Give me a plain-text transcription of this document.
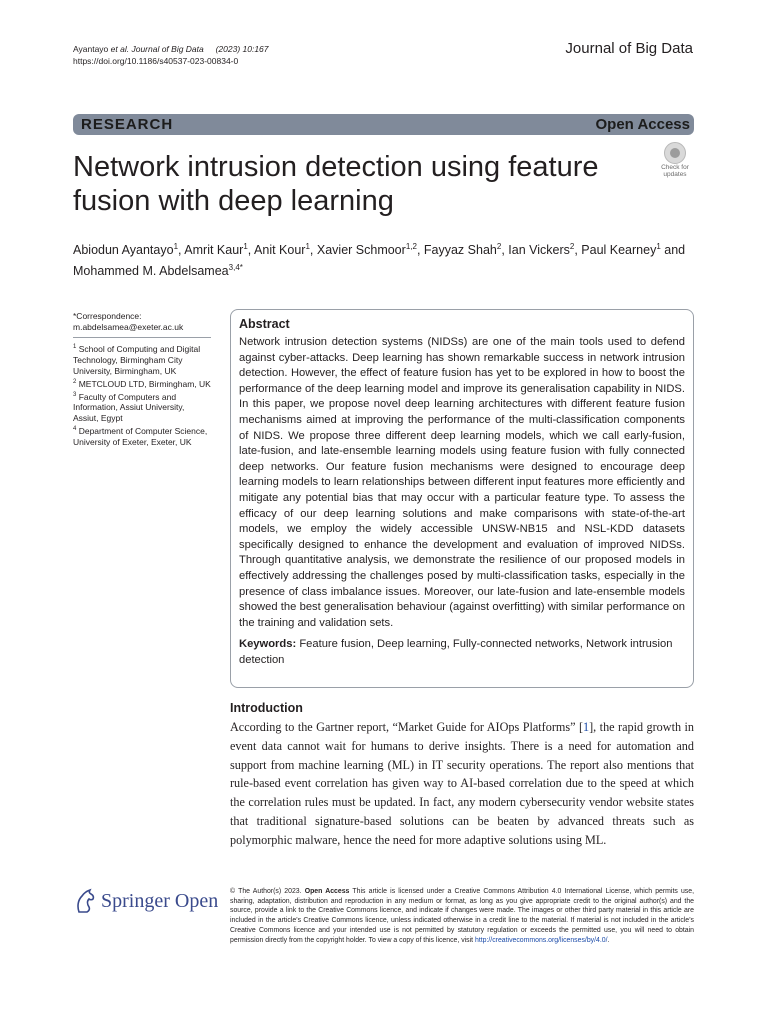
Ayantayo et al. Journal of Big Data (2023) 10:167
https://doi.org/10.1186/s40537-023-00834-0
Journal of Big Data
RESEARCH	Open Access
Network intrusion detection using feature fusion with deep learning
Check for
updates
Abiodun Ayantayo$^1$, Amrit Kaur$^1$, Anit Kour$^1$, Xavier Schmoor$^{1,2}$, Fayyaz Shah$^2$, Ian Vickers$^2$, Paul Kearney$^1$ and Mohammed M. Abdelsamea$^{3,4*}$
*Correspondence:
m.abdelsamea@exeter.ac.uk
$^1$ School of Computing and Digital Technology, Birmingham City University, Birmingham, UK
$^2$ METCLOUD LTD, Birmingham, UK
$^3$ Faculty of Computers and Information, Assiut University, Assiut, Egypt
$^4$ Department of Computer Science, University of Exeter, Exeter, UK
Abstract
Network intrusion detection systems (NIDSs) are one of the main tools used to defend against cyber-attacks. Deep learning has shown remarkable success in network intrusion detection. However, the effect of feature fusion has yet to be explored in how to boost the performance of the deep learning model and improve its generalisation capability in NIDS. In this paper, we propose novel deep learning architectures with different feature fusion mechanisms aimed at improving the performance of the multi-classification components of NIDS. We propose three different deep learning models, which we call early-fusion, late-fusion, and late-ensemble learning models using feature fusion with fully connected deep networks. Our feature fusion mechanisms were designed to encourage deep learning models to learn relationships between different input features more efficiently and mitigate any potential bias that may occur with a particular feature type. To assess the efficacy of our deep learning solutions and make comparisons with state-of-the-art models, we employ the widely accessible UNSW-NB15 and NSL-KDD datasets specifically designed to enhance the development and evaluation of improved NIDSs. Through quantitative analysis, we demonstrate the resilience of our proposed models in effectively addressing the challenges posed by multi-classification tasks, especially in the presence of class imbalance issues. Moreover, our late-fusion and late-ensemble models showed the best generalisation behaviour (against overfitting) with similar performance on the training and validation sets.
Keywords: Feature fusion, Deep learning, Fully-connected networks, Network intrusion detection
Introduction
According to the Gartner report, “Market Guide for AIOps Platforms” [1], the rapid growth in event data cannot wait for humans to derive insights. There is a need for automation and support from machine learning (ML) in IT security operations. The report also mentions that rule-based event correlation has given way to AI-based correlation due to the speed at which the correlation rules must be updated. In fact, any modern cybersecurity vendor website states that traditional signature-based solutions can be beaten by advanced threats such as polymorphic malware, hence the need for more adaptive solutions using ML.
Springer Open © The Author(s) 2023. Open Access This article is licensed under a Creative Commons Attribution 4.0 International License, which permits use, sharing, adaptation, distribution and reproduction in any medium or format, as long as you give appropriate credit to the original author(s) and the source, provide a link to the Creative Commons licence, and indicate if changes were made. The images or other third party material in this article are included in the article’s Creative Commons licence, unless indicated otherwise in a credit line to the material. If material is not included in the article’s Creative Commons licence and your intended use is not permitted by statutory regulation or exceeds the permitted use, you will need to obtain permission directly from the copyright holder. To view a copy of this licence, visit http://creativecommons.org/licenses/by/4.0/.
